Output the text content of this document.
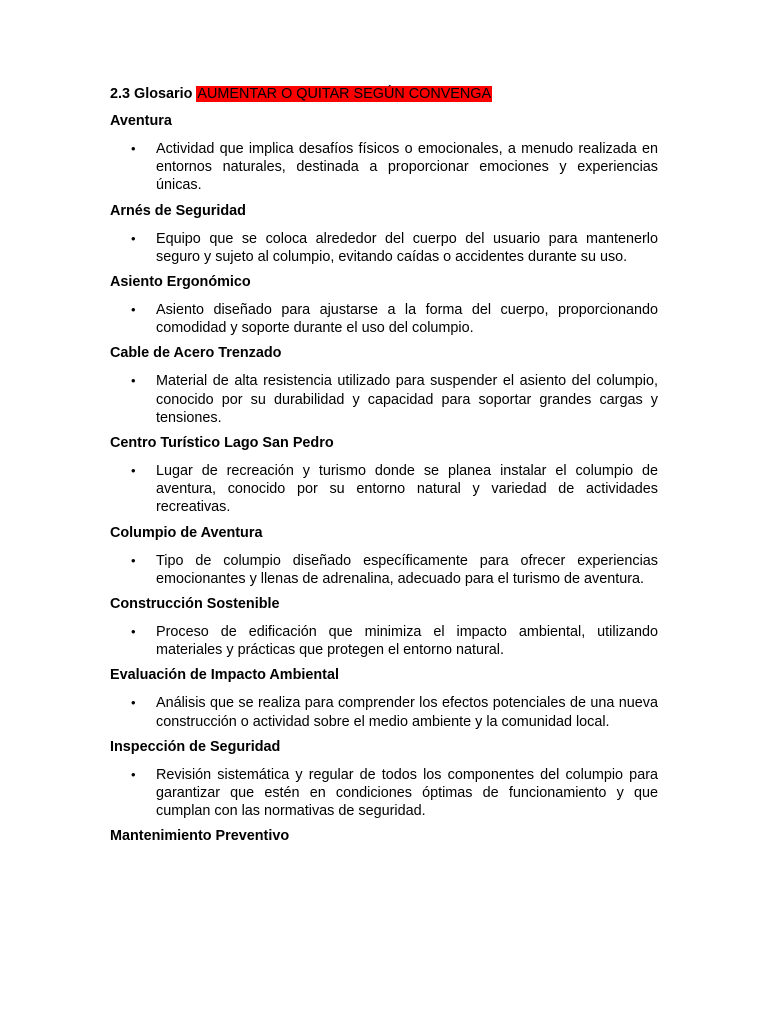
2.3 Glosario AUMENTAR O QUITAR SEGÚN CONVENGA
Aventura
• Actividad que implica desafíos físicos o emocionales, a menudo realizada en entornos naturales, destinada a proporcionar emociones y experiencias únicas.
Arnés de Seguridad
• Equipo que se coloca alrededor del cuerpo del usuario para mantenerlo seguro y sujeto al columpio, evitando caídas o accidentes durante su uso.
Asiento Ergonómico
• Asiento diseñado para ajustarse a la forma del cuerpo, proporcionando comodidad y soporte durante el uso del columpio.
Cable de Acero Trenzado
• Material de alta resistencia utilizado para suspender el asiento del columpio, conocido por su durabilidad y capacidad para soportar grandes cargas y tensiones.
Centro Turístico Lago San Pedro
• Lugar de recreación y turismo donde se planea instalar el columpio de aventura, conocido por su entorno natural y variedad de actividades recreativas.
Columpio de Aventura
• Tipo de columpio diseñado específicamente para ofrecer experiencias emocionantes y llenas de adrenalina, adecuado para el turismo de aventura.
Construcción Sostenible
• Proceso de edificación que minimiza el impacto ambiental, utilizando materiales y prácticas que protegen el entorno natural.
Evaluación de Impacto Ambiental
• Análisis que se realiza para comprender los efectos potenciales de una nueva construcción o actividad sobre el medio ambiente y la comunidad local.
Inspección de Seguridad
• Revisión sistemática y regular de todos los componentes del columpio para garantizar que estén en condiciones óptimas de funcionamiento y que cumplan con las normativas de seguridad.
Mantenimiento Preventivo
